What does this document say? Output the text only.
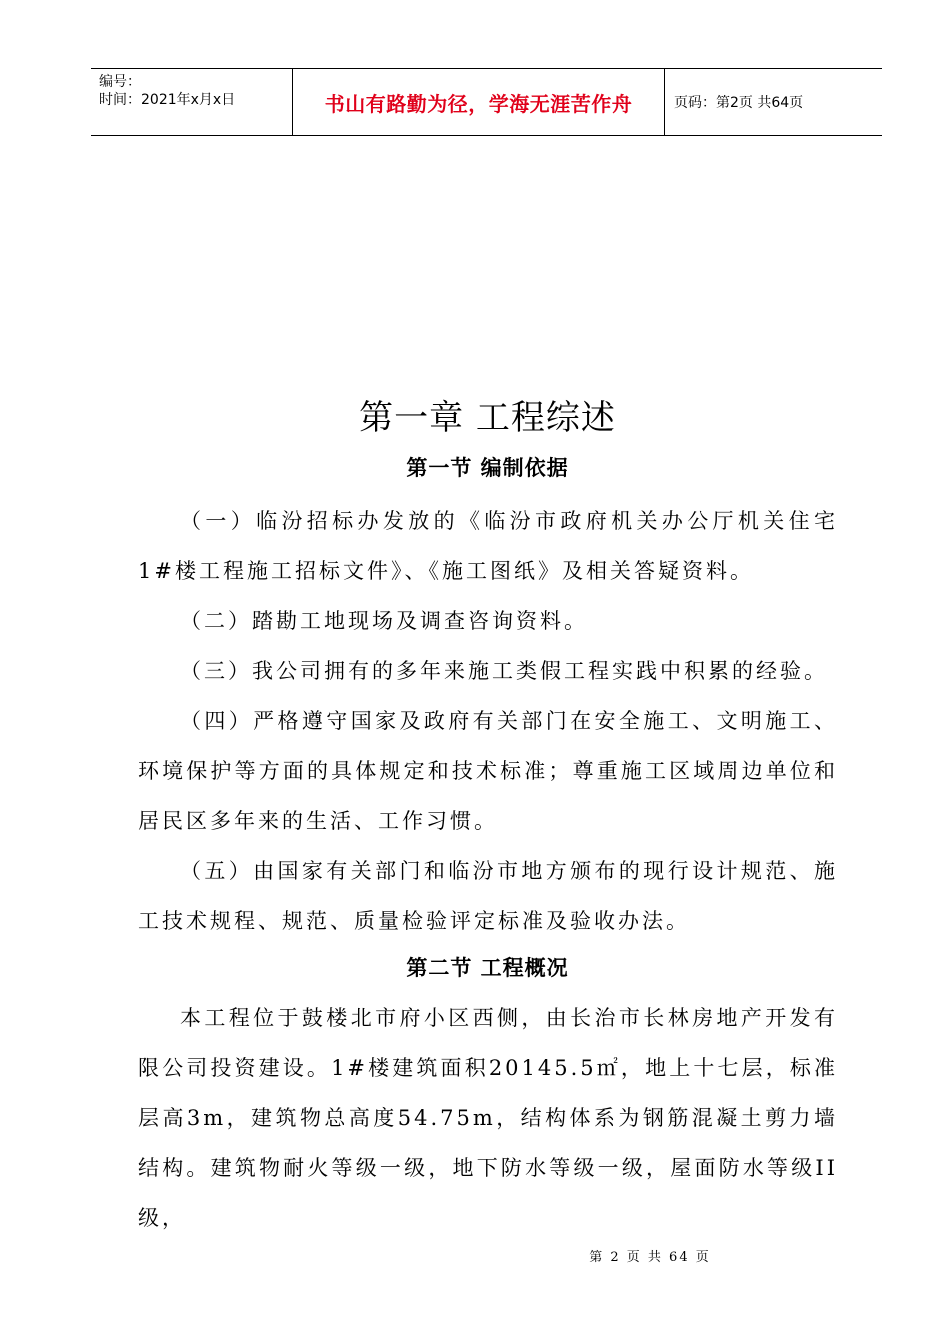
编号：
时间：2021年x月x日	书山有路勤为径，学海无涯苦作舟	页码：第2页 共64页
第一章 工程综述
第一节 编制依据
（一）临汾招标办发放的《临汾市政府机关办公厅机关住宅1#楼工程施工招标文件》、《施工图纸》及相关答疑资料。
（二）踏勘工地现场及调查咨询资料。
（三）我公司拥有的多年来施工类假工程实践中积累的经验。
（四）严格遵守国家及政府有关部门在安全施工、文明施工、环境保护等方面的具体规定和技术标准；尊重施工区域周边单位和居民区多年来的生活、工作习惯。
（五）由国家有关部门和临汾市地方颁布的现行设计规范、施工技术规程、规范、质量检验评定标准及验收办法。
第二节 工程概况
本工程位于鼓楼北市府小区西侧，由长治市长林房地产开发有限公司投资建设。1#楼建筑面积20145.5㎡，地上十七层，标准层高3m，建筑物总高度54.75m，结构体系为钢筋混凝土剪力墙结构。建筑物耐火等级一级，地下防水等级一级，屋面防水等级II级，
第 2 页 共 64 页
